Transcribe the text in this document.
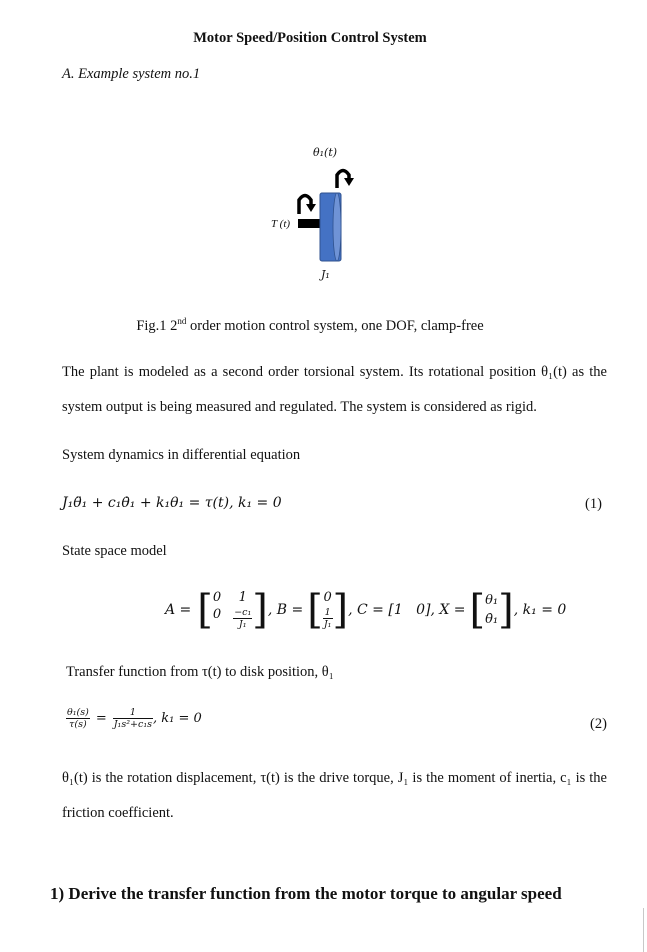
Motor Speed/Position Control System
A. Example system no.1
θ₁(t)
T (t)
J₁
Fig.1 2nd order motion control system, one DOF, clamp-free
The plant is modeled as a second order torsional system. Its rotational position θ₁(t) as the system output is being measured and regulated. The system is considered as rigid.
System dynamics in differential equation
J₁θ̈₁ + c₁θ̇₁ + k₁θ₁ = τ(t), k₁ = 0	(1)
State space model
A = [ 0	1
$0 \frac{\text{−c₁}}{\text{J₁}}$ ] , B = [ 0
$\frac{1}{\text{J₁}}$ ] , C = [1   0], X = [ θ₁
θ̇₁ ] , k₁ = 0
Transfer function from τ(t) to disk position, θ₁
$\frac{\text{θ₁(s)}}{\tau(s)} = \frac{1}{\text{J₁s²+c₁s}}$ , k₁ = 0	(2)
θ₁(t) is the rotation displacement, τ(t) is the drive torque, J₁ is the moment of inertia, c₁ is the friction coefficient.
1) Derive the transfer function from the motor torque to angular speed
